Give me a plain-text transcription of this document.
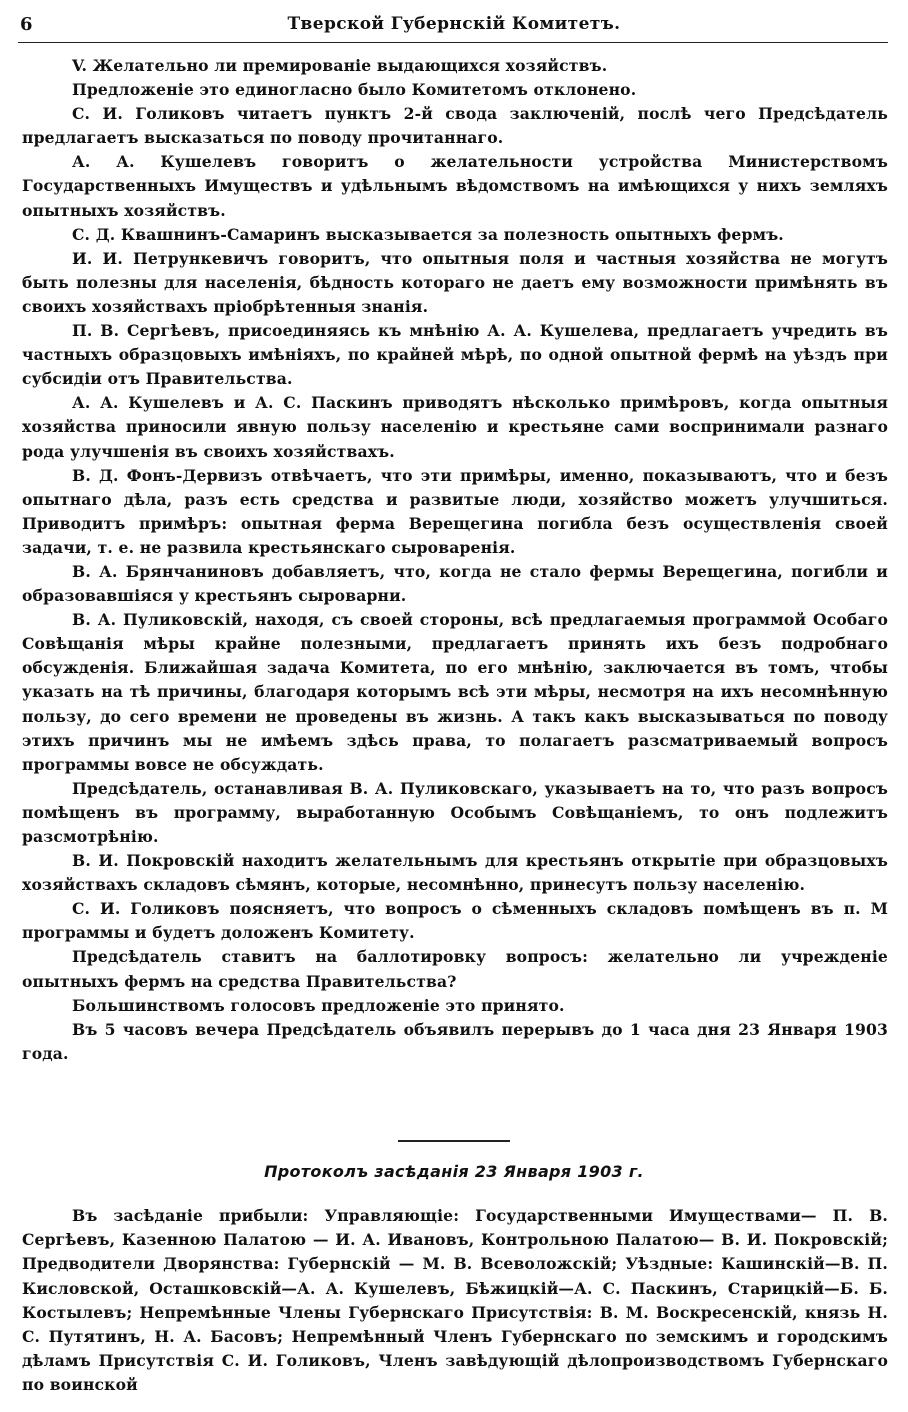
6	Тверской Губернскій Комитетъ.

V. Желательно ли премированіе выдающихся хозяйствъ.

Предложеніе это единогласно было Комитетомъ отклонено.

С. И. Голиковъ читаетъ пунктъ 2-й свода заключеній, послѣ чего Предсѣдатель предлагаетъ высказаться по поводу прочитаннаго.

А. А. Кушелевъ говоритъ о желательности устройства Министерствомъ Государственныхъ Имуществъ и удѣльнымъ вѣдомствомъ на имѣющихся у нихъ земляхъ опытныхъ хозяйствъ.

С. Д. Квашнинъ-Самаринъ высказывается за полезность опытныхъ фермъ.

И. И. Петрункевичъ говоритъ, что опытныя поля и частныя хозяйства не могутъ быть полезны для населенія, бѣдность котораго не даетъ ему возможности примѣнять въ своихъ хозяйствахъ пріобрѣтенныя знанія.

П. В. Сергѣевъ, присоединяясь къ мнѣнію А. А. Кушелева, предлагаетъ учредить въ частныхъ образцовыхъ имѣніяхъ, по крайней мѣрѣ, по одной опытной фермѣ на уѣздъ при субсидіи отъ Правительства.

А. А. Кушелевъ и А. С. Паскинъ приводятъ нѣсколько примѣровъ, когда опытныя хозяйства приносили явную пользу населенію и крестьяне сами воспринимали разнаго рода улучшенія въ своихъ хозяйствахъ.

В. Д. Фонъ-Дервизъ отвѣчаетъ, что эти примѣры, именно, показываютъ, что и безъ опытнаго дѣла, разъ есть средства и развитые люди, хозяйство можетъ улучшиться. Приводитъ примѣръ: опытная ферма Верещегина погибла безъ осуществленія своей задачи, т. е. не развила крестьянскаго сыроваренія.

В. А. Брянчаниновъ добавляетъ, что, когда не стало фермы Верещегина, погибли и образовавшіяся у крестьянъ сыроварни.

В. А. Пуликовскій, находя, съ своей стороны, всѣ предлагаемыя программой Особаго Совѣщанія мѣры крайне полезными, предлагаетъ принять ихъ безъ подробнаго обсужденія. Ближайшая задача Комитета, по его мнѣнію, заключается въ томъ, чтобы указать на тѣ причины, благодаря которымъ всѣ эти мѣры, несмотря на ихъ несомнѣнную пользу, до сего времени не проведены въ жизнь. А такъ какъ высказываться по поводу этихъ причинъ мы не имѣемъ здѣсь права, то полагаетъ разсматриваемый вопросъ программы вовсе не обсуждать.

Предсѣдатель, останавливая В. А. Пуликовскаго, указываетъ на то, что разъ вопросъ помѣщенъ въ программу, выработанную Особымъ Совѣщаніемъ, то онъ подлежитъ разсмотрѣнію.

В. И. Покровскій находитъ желательнымъ для крестьянъ открытіе при образцовыхъ хозяйствахъ складовъ сѣмянъ, которые, несомнѣнно, принесутъ пользу населенію.

С. И. Голиковъ поясняетъ, что вопросъ о сѣменныхъ складовъ помѣщенъ въ п. М программы и будетъ доложенъ Комитету.

Предсѣдатель ставитъ на баллотировку вопросъ: желательно ли учрежденіе опытныхъ фермъ на средства Правительства?

Большинствомъ голосовъ предложеніе это принято.

Въ 5 часовъ вечера Предсѣдатель объявилъ перерывъ до 1 часа дня 23 Января 1903 года.

Протоколъ засѣданія 23 Января 1903 г.

Въ засѣданіе прибыли: Управляющіе: Государственными Имуществами— П. В. Сергѣевъ, Казенною Палатою — И. А. Ивановъ, Контрольною Палатою— В. И. Покровскій; Предводители Дворянства: Губернскій — М. В. Всеволожскій; Уѣздные: Кашинскій—В. П. Кисловской, Осташковскій—А. А. Кушелевъ, Бѣжицкій—А. С. Паскинъ, Старицкій—Б. Б. Костылевъ; Непремѣнные Члены Губернскаго Присутствія: В. М. Воскресенскій, князь Н. С. Путятинъ, Н. А. Басовъ; Непремѣнный Членъ Губернскаго по земскимъ и городскимъ дѣламъ Присутствія С. И. Голиковъ, Членъ завѣдующій дѣлопроизводствомъ Губернскаго по воинской
